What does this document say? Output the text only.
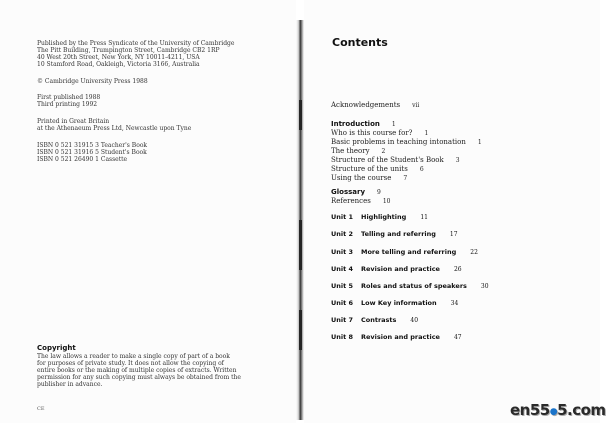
Published by the Press Syndicate of the University of Cambridge
The Pitt Building, Trumpington Street, Cambridge CB2 1RP
40 West 20th Street, New York, NY 10011-4211, USA
10 Stamford Road, Oakleigh, Victoria 3166, Australia
© Cambridge University Press 1988
First published 1988
Third printing 1992
Printed in Great Britain
at the Athenaeum Press Ltd, Newcastle upon Tyne
ISBN 0 521 31915 3 Teacher's Book
ISBN 0 521 31916 5 Student's Book
ISBN 0 521 26490 1 Cassette
Copyright
The law allows a reader to make a single copy of part of a book
for purposes of private study. It does not allow the copying of
entire books or the making of multiple copies of extracts. Written
permission for any such copying must always be obtained from the
publisher in advance.
CE
Contents
Acknowledgements vii
Introduction 1
Who is this course for? 1
Basic problems in teaching intonation 1
The theory 2
Structure of the Student's Book 3
Structure of the units 6
Using the course 7
Glossary 9
References 10
Unit 1 Highlighting 11
Unit 2 Telling and referring 17
Unit 3 More telling and referring 22
Unit 4 Revision and practice 26
Unit 5 Roles and status of speakers 30
Unit 6 Low Key information 34
Unit 7 Contrasts 40
Unit 8 Revision and practice 47
en55●5.com
